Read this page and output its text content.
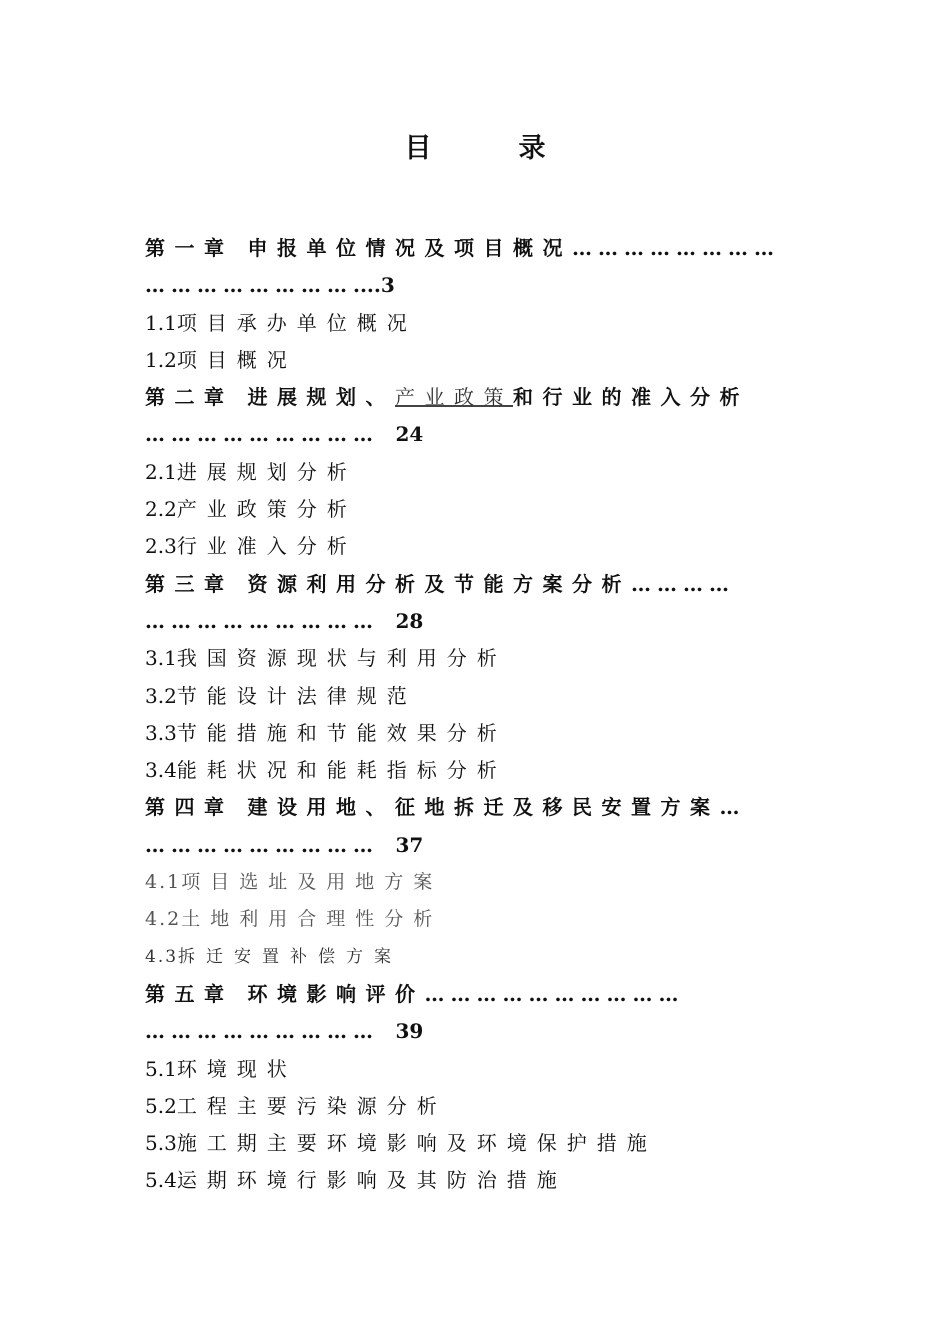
目　录
第一章 申报单位情况及项目概况……………………
……………………....3
1.1项目承办单位概况
1.2项目概况
第二章 进展规划、产业政策和行业的准入分析
……………………… 24
2.1进展规划分析
2.2产业政策分析
2.3行业准入分析
第三章 资源利用分析及节能方案分析…………
……………………… 28
3.1我国资源现状与利用分析
3.2节能设计法律规范
3.3节能措施和节能效果分析
3.4能耗状况和能耗指标分析
第四章 建设用地、征地拆迁及移民安置方案…
……………………… 37
4.1项目选址及用地方案
4.2土地利用合理性分析
4.3拆迁安置补偿方案
第五章 环境影响评价…………………………
……………………… 39
5.1环境现状
5.2工程主要污染源分析
5.3施工期主要环境影响及环境保护措施
5.4运期环境行影响及其防治措施
